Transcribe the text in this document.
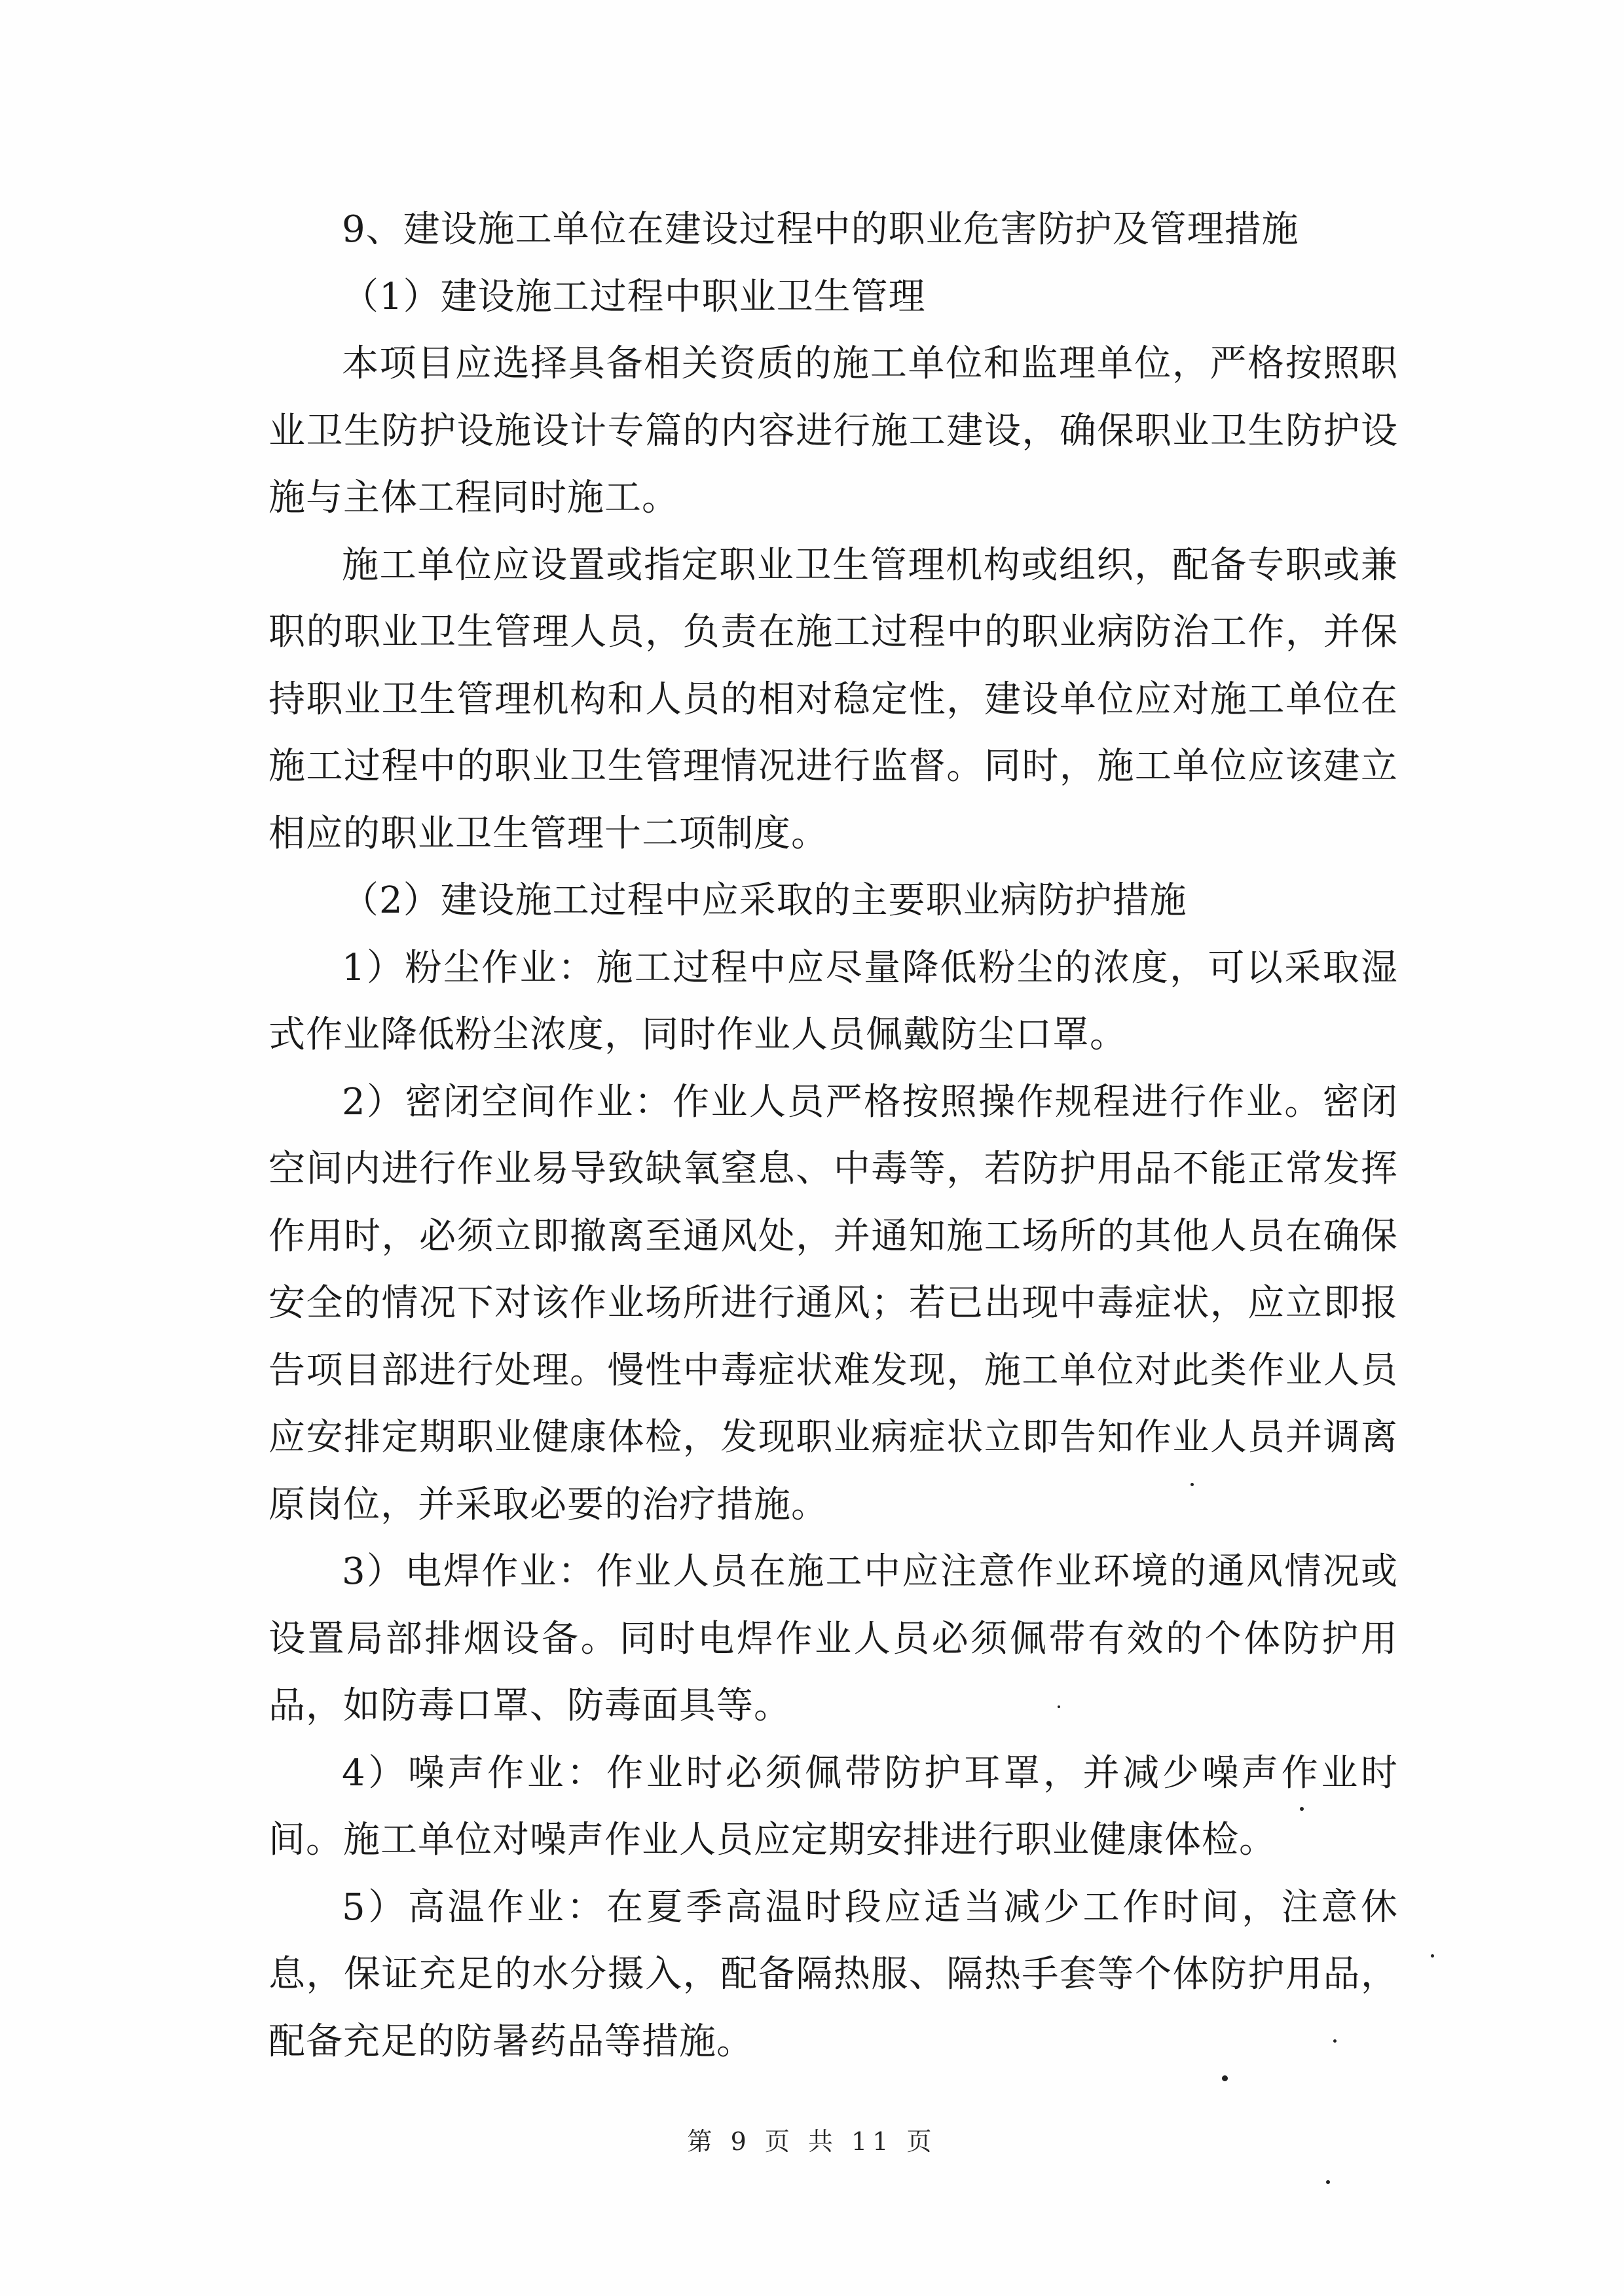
9、建设施工单位在建设过程中的职业危害防护及管理措施

（1）建设施工过程中职业卫生管理

本项目应选择具备相关资质的施工单位和监理单位，严格按照职业卫生防护设施设计专篇的内容进行施工建设，确保职业卫生防护设施与主体工程同时施工。

施工单位应设置或指定职业卫生管理机构或组织，配备专职或兼职的职业卫生管理人员，负责在施工过程中的职业病防治工作，并保持职业卫生管理机构和人员的相对稳定性，建设单位应对施工单位在施工过程中的职业卫生管理情况进行监督。同时，施工单位应该建立相应的职业卫生管理十二项制度。

（2）建设施工过程中应采取的主要职业病防护措施

1）粉尘作业：施工过程中应尽量降低粉尘的浓度，可以采取湿式作业降低粉尘浓度，同时作业人员佩戴防尘口罩。

2）密闭空间作业：作业人员严格按照操作规程进行作业。密闭空间内进行作业易导致缺氧窒息、中毒等，若防护用品不能正常发挥作用时，必须立即撤离至通风处，并通知施工场所的其他人员在确保安全的情况下对该作业场所进行通风；若已出现中毒症状，应立即报告项目部进行处理。慢性中毒症状难发现，施工单位对此类作业人员应安排定期职业健康体检，发现职业病症状立即告知作业人员并调离原岗位，并采取必要的治疗措施。

3）电焊作业：作业人员在施工中应注意作业环境的通风情况或设置局部排烟设备。同时电焊作业人员必须佩带有效的个体防护用品，如防毒口罩、防毒面具等。

4）噪声作业：作业时必须佩带防护耳罩，并减少噪声作业时间。施工单位对噪声作业人员应定期安排进行职业健康体检。

5）高温作业：在夏季高温时段应适当减少工作时间，注意休息，保证充足的水分摄入，配备隔热服、隔热手套等个体防护用品，配备充足的防暑药品等措施。

第 9 页 共 11 页
